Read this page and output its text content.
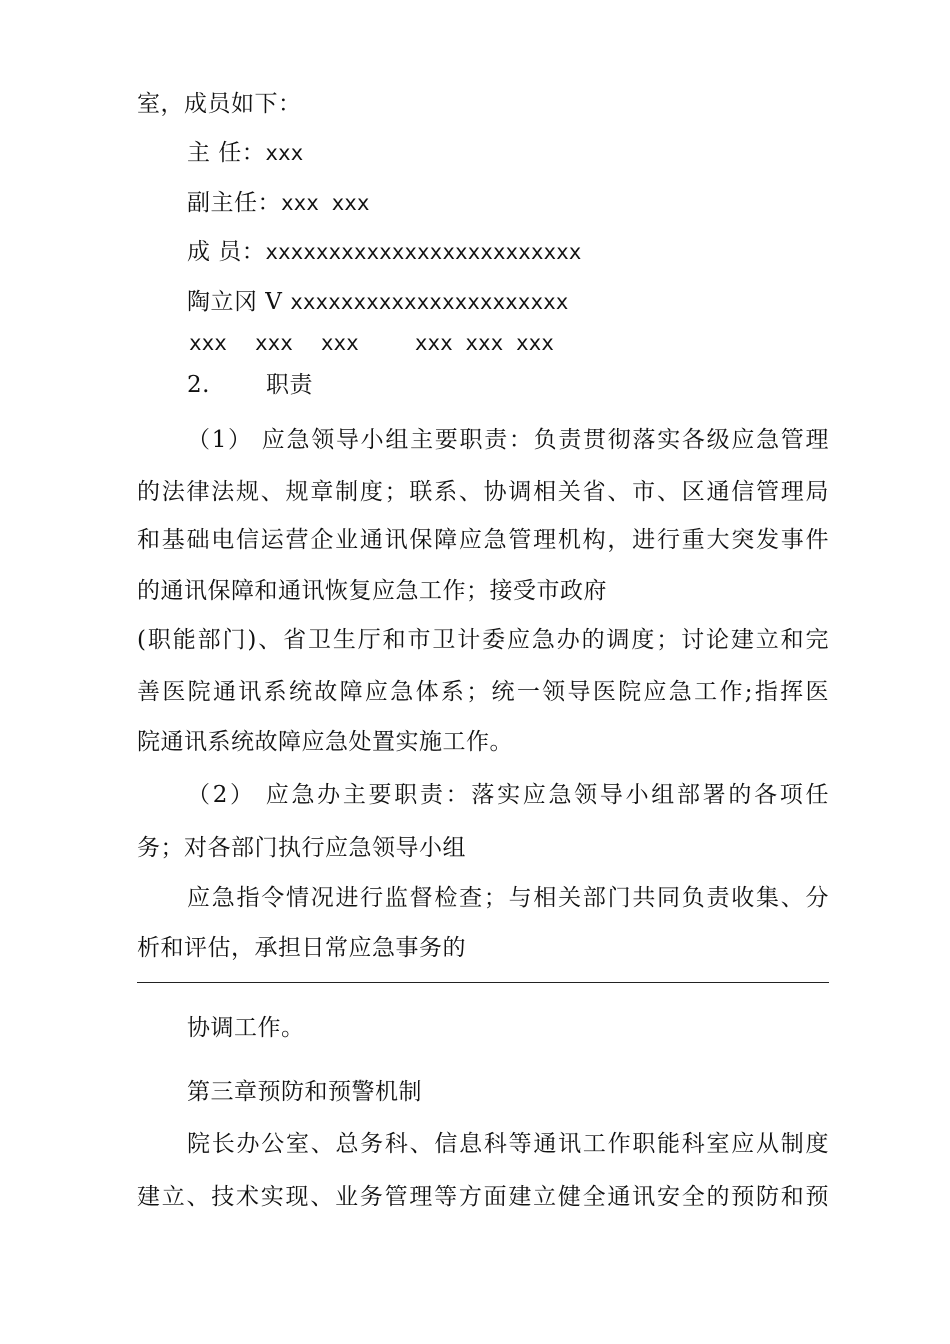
室，成员如下：
主 任：xxx
副主任：xxx xxx
成 员：xxxxxxxxxxxxxxxxxxxxxxxxx
陶立冈 V xxxxxxxxxxxxxxxxxxxxxx
xxx xxx xxx	xxx xxx xxx
2. 职责
（1） 应急领导小组主要职责：负责贯彻落实各级应急管理
的法律法规、规章制度；联系、协调相关省、市、区通信管理局
和基础电信运营企业通讯保障应急管理机构，进行重大突发事件
的通讯保障和通讯恢复应急工作；接受市政府
(职能部门)、省卫生厅和市卫计委应急办的调度；讨论建立和完
善医院通讯系统故障应急体系；统一领导医院应急工作;指挥医
院通讯系统故障应急处置实施工作。
（2） 应急办主要职责：落实应急领导小组部署的各项任
务；对各部门执行应急领导小组
应急指令情况进行监督检查；与相关部门共同负责收集、分
析和评估，承担日常应急事务的
协调工作。
第三章预防和预警机制
院长办公室、总务科、信息科等通讯工作职能科室应从制度
建立、技术实现、业务管理等方面建立健全通讯安全的预防和预
